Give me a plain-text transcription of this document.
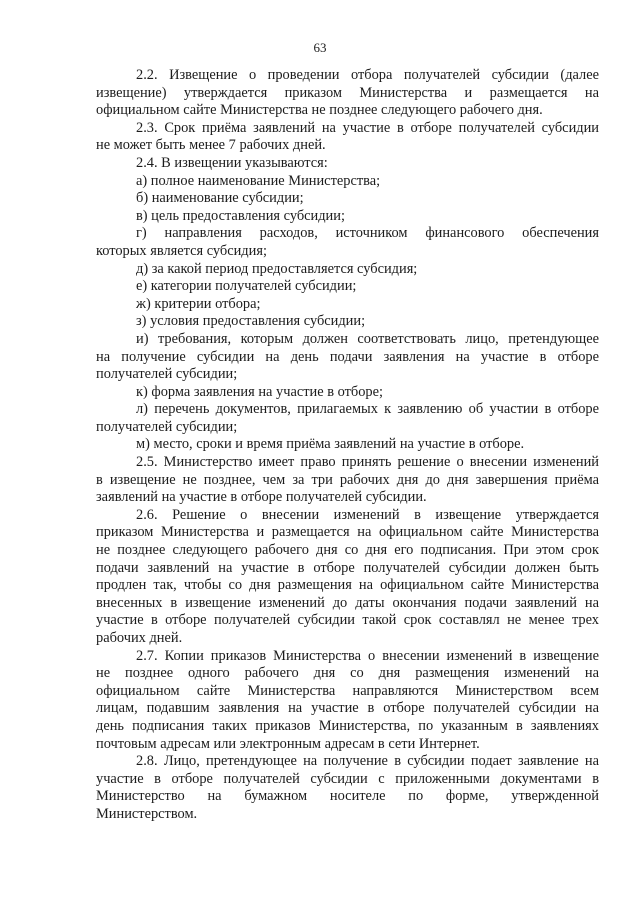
63
2.2. Извещение о проведении отбора получателей субсидии (далее
извещение) утверждается приказом Министерства и размещается на
официальном сайте Министерства не позднее следующего рабочего дня.
2.3. Срок приёма заявлений на участие в отборе получателей субсидии
не может быть менее 7 рабочих дней.
2.4. В извещении указываются:
а) полное наименование Министерства;
б) наименование субсидии;
в) цель предоставления субсидии;
г) направления расходов, источником финансового обеспечения
которых является субсидия;
д) за какой период предоставляется субсидия;
е) категории получателей субсидии;
ж) критерии отбора;
з) условия предоставления субсидии;
и) требования, которым должен соответствовать лицо, претендующее
на получение субсидии на день подачи заявления на участие в отборе
получателей субсидии;
к) форма заявления на участие в отборе;
л) перечень документов, прилагаемых к заявлению об участии в отборе
получателей субсидии;
м) место, сроки и время приёма заявлений на участие в отборе.
2.5. Министерство имеет право принять решение о внесении изменений
в извещение не позднее, чем за три рабочих дня до дня завершения приёма
заявлений на участие в отборе получателей субсидии.
2.6. Решение о внесении изменений в извещение утверждается
приказом Министерства и размещается на официальном сайте Министерства
не позднее следующего рабочего дня со дня его подписания. При этом срок
подачи заявлений на участие в отборе получателей субсидии должен быть
продлен так, чтобы со дня размещения на официальном сайте Министерства
внесенных в извещение изменений до даты окончания подачи заявлений на
участие в отборе получателей субсидии такой срок составлял не менее трех
рабочих дней.
2.7. Копии приказов Министерства о внесении изменений в извещение
не позднее одного рабочего дня со дня размещения изменений на
официальном сайте Министерства направляются Министерством всем
лицам, подавшим заявления на участие в отборе получателей субсидии на
день подписания таких приказов Министерства, по указанным в заявлениях
почтовым адресам или электронным адресам в сети Интернет.
2.8. Лицо, претендующее на получение в субсидии подает заявление на
участие в отборе получателей субсидии с приложенными документами в
Министерство на бумажном носителе по форме, утвержденной
Министерством.
